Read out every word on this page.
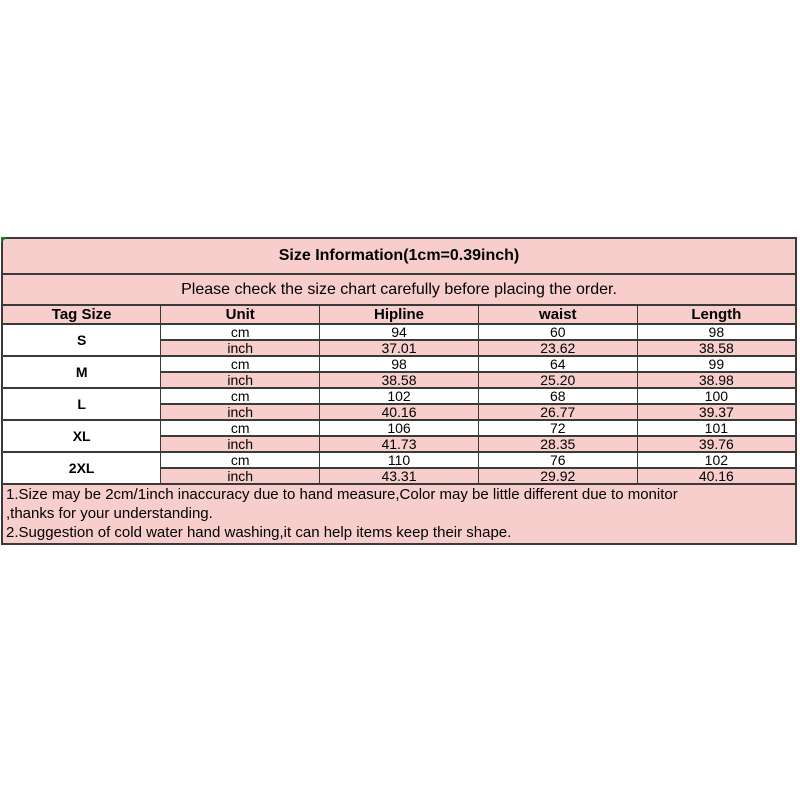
Size Information(1cm=0.39inch)				
Please check the size chart carefully before placing the order.				
Tag Size	Unit	Hipline	waist	Length
S	cm	94	60	98
	inch	37.01	23.62	38.58
M	cm	98	64	99
	inch	38.58	25.20	38.98
L	cm	102	68	100
	inch	40.16	26.77	39.37
XL	cm	106	72	101
	inch	41.73	28.35	39.76
2XL	cm	110	76	102
	inch	43.31	29.92	40.16

1.Size may be 2cm/1inch inaccuracy due to hand measure,Color may be little different due to monitor
,thanks for your understanding.
2.Suggestion of cold water hand washing,it can help items keep their shape.				
